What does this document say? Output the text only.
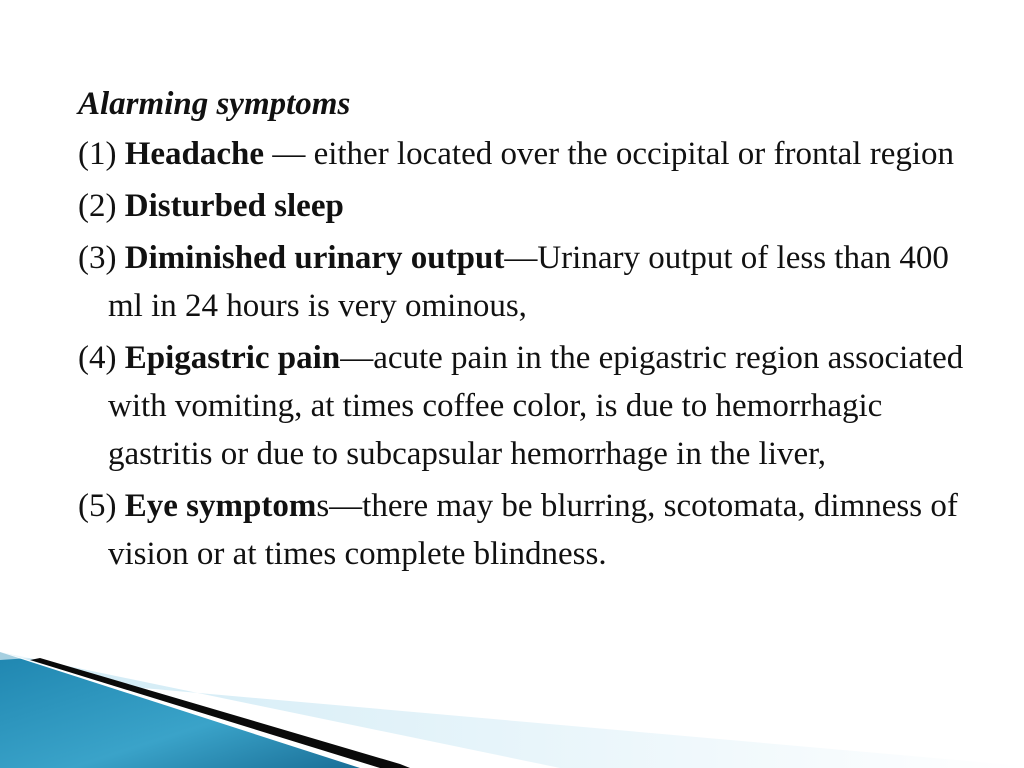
Alarming symptoms
(1) Headache — either located over the occipital or frontal region
(2) Disturbed sleep
(3) Diminished urinary output—Urinary output of less than 400 ml in 24 hours is very ominous,
(4) Epigastric pain—acute pain in the epigastric region associated with vomiting, at times coffee color, is due to hemorrhagic gastritis or due to subcapsular hemorrhage in the liver,
(5) Eye symptoms—there may be blurring, scotomata, dimness of vision or at times complete blindness.
